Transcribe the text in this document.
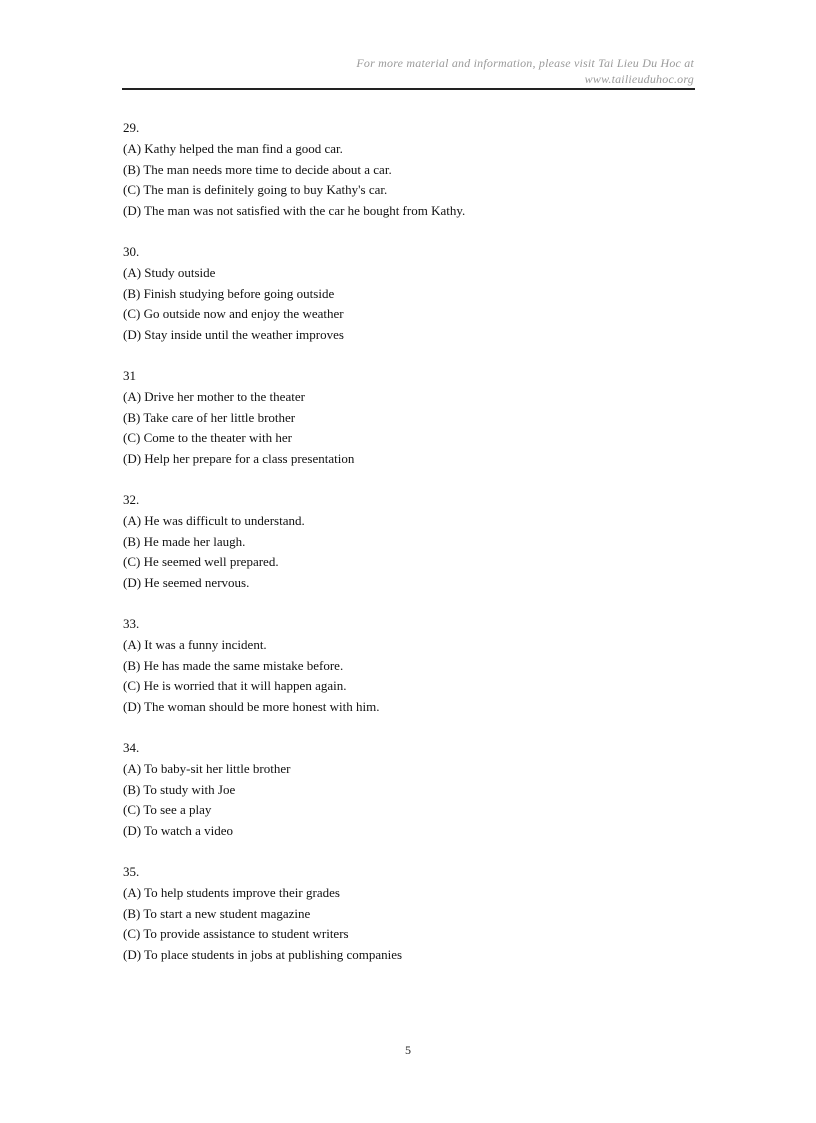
For more material and information, please visit Tai Lieu Du Hoc at
www.tailieuduhoc.org
29.
(A) Kathy helped the man find a good car.
(B) The man needs more time to decide about a car.
(C) The man is definitely going to buy Kathy's car.
(D) The man was not satisfied with the car he bought from Kathy.
30.
(A) Study outside
(B) Finish studying before going outside
(C) Go outside now and enjoy the weather
(D) Stay inside until the weather improves
31
(A) Drive her mother to the theater
(B) Take care of her little brother
(C) Come to the theater with her
(D) Help her prepare for a class presentation
32.
(A) He was difficult to understand.
(B) He made her laugh.
(C) He seemed well prepared.
(D) He seemed nervous.
33.
(A) It was a funny incident.
(B) He has made the same mistake before.
(C) He is worried that it will happen again.
(D) The woman should be more honest with him.
34.
(A) To baby-sit her little brother
(B) To study with Joe
(C) To see a play
(D) To watch a video
35.
(A) To help students improve their grades
(B) To start a new student magazine
(C) To provide assistance to student writers
(D) To place students in jobs at publishing companies
5
